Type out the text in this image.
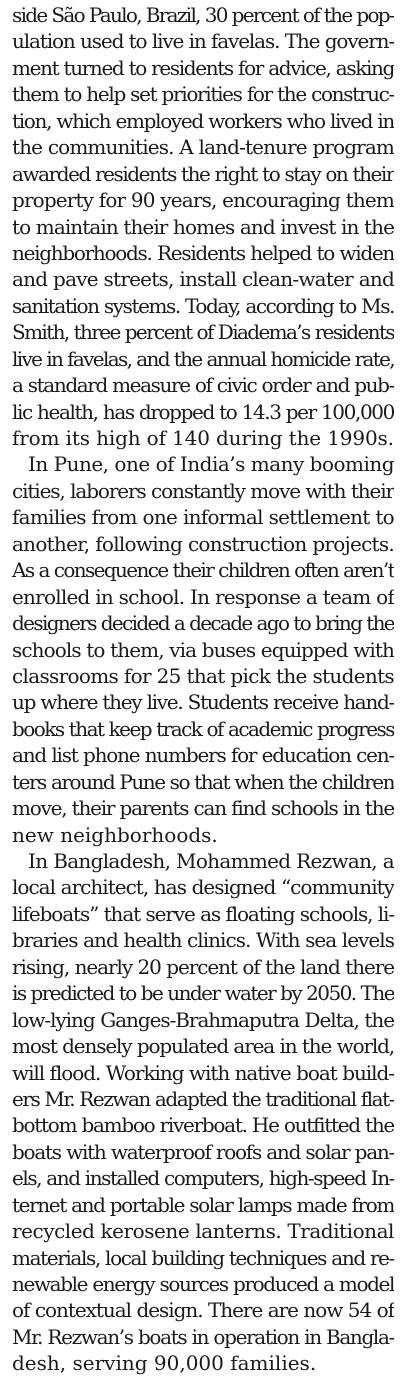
side São Paulo, Brazil, 30 percent of the pop-
ulation used to live in favelas. The govern-
ment turned to residents for advice, asking
them to help set priorities for the construc-
tion, which employed workers who lived in
the communities. A land-tenure program
awarded residents the right to stay on their
property for 90 years, encouraging them
to maintain their homes and invest in the
neighborhoods. Residents helped to widen
and pave streets, install clean-water and
sanitation systems. Today, according to Ms.
Smith, three percent of Diadema’s residents
live in favelas, and the annual homicide rate,
a standard measure of civic order and pub-
lic health, has dropped to 14.3 per 100,000
from its high of 140 during the 1990s.
In Pune, one of India’s many booming
cities, laborers constantly move with their
families from one informal settlement to
another, following construction projects.
As a consequence their children often aren’t
enrolled in school. In response a team of
designers decided a decade ago to bring the
schools to them, via buses equipped with
classrooms for 25 that pick the students
up where they live. Students receive hand-
books that keep track of academic progress
and list phone numbers for education cen-
ters around Pune so that when the children
move, their parents can find schools in the
new neighborhoods.
In Bangladesh, Mohammed Rezwan, a
local architect, has designed “community
lifeboats” that serve as floating schools, li-
braries and health clinics. With sea levels
rising, nearly 20 percent of the land there
is predicted to be under water by 2050. The
low-lying Ganges-Brahmaputra Delta, the
most densely populated area in the world,
will flood. Working with native boat build-
ers Mr. Rezwan adapted the traditional flat-
bottom bamboo riverboat. He outfitted the
boats with waterproof roofs and solar pan-
els, and installed computers, high-speed In-
ternet and portable solar lamps made from
recycled kerosene lanterns. Traditional
materials, local building techniques and re-
newable energy sources produced a model
of contextual design. There are now 54 of
Mr. Rezwan’s boats in operation in Bangla-
desh, serving 90,000 families.
